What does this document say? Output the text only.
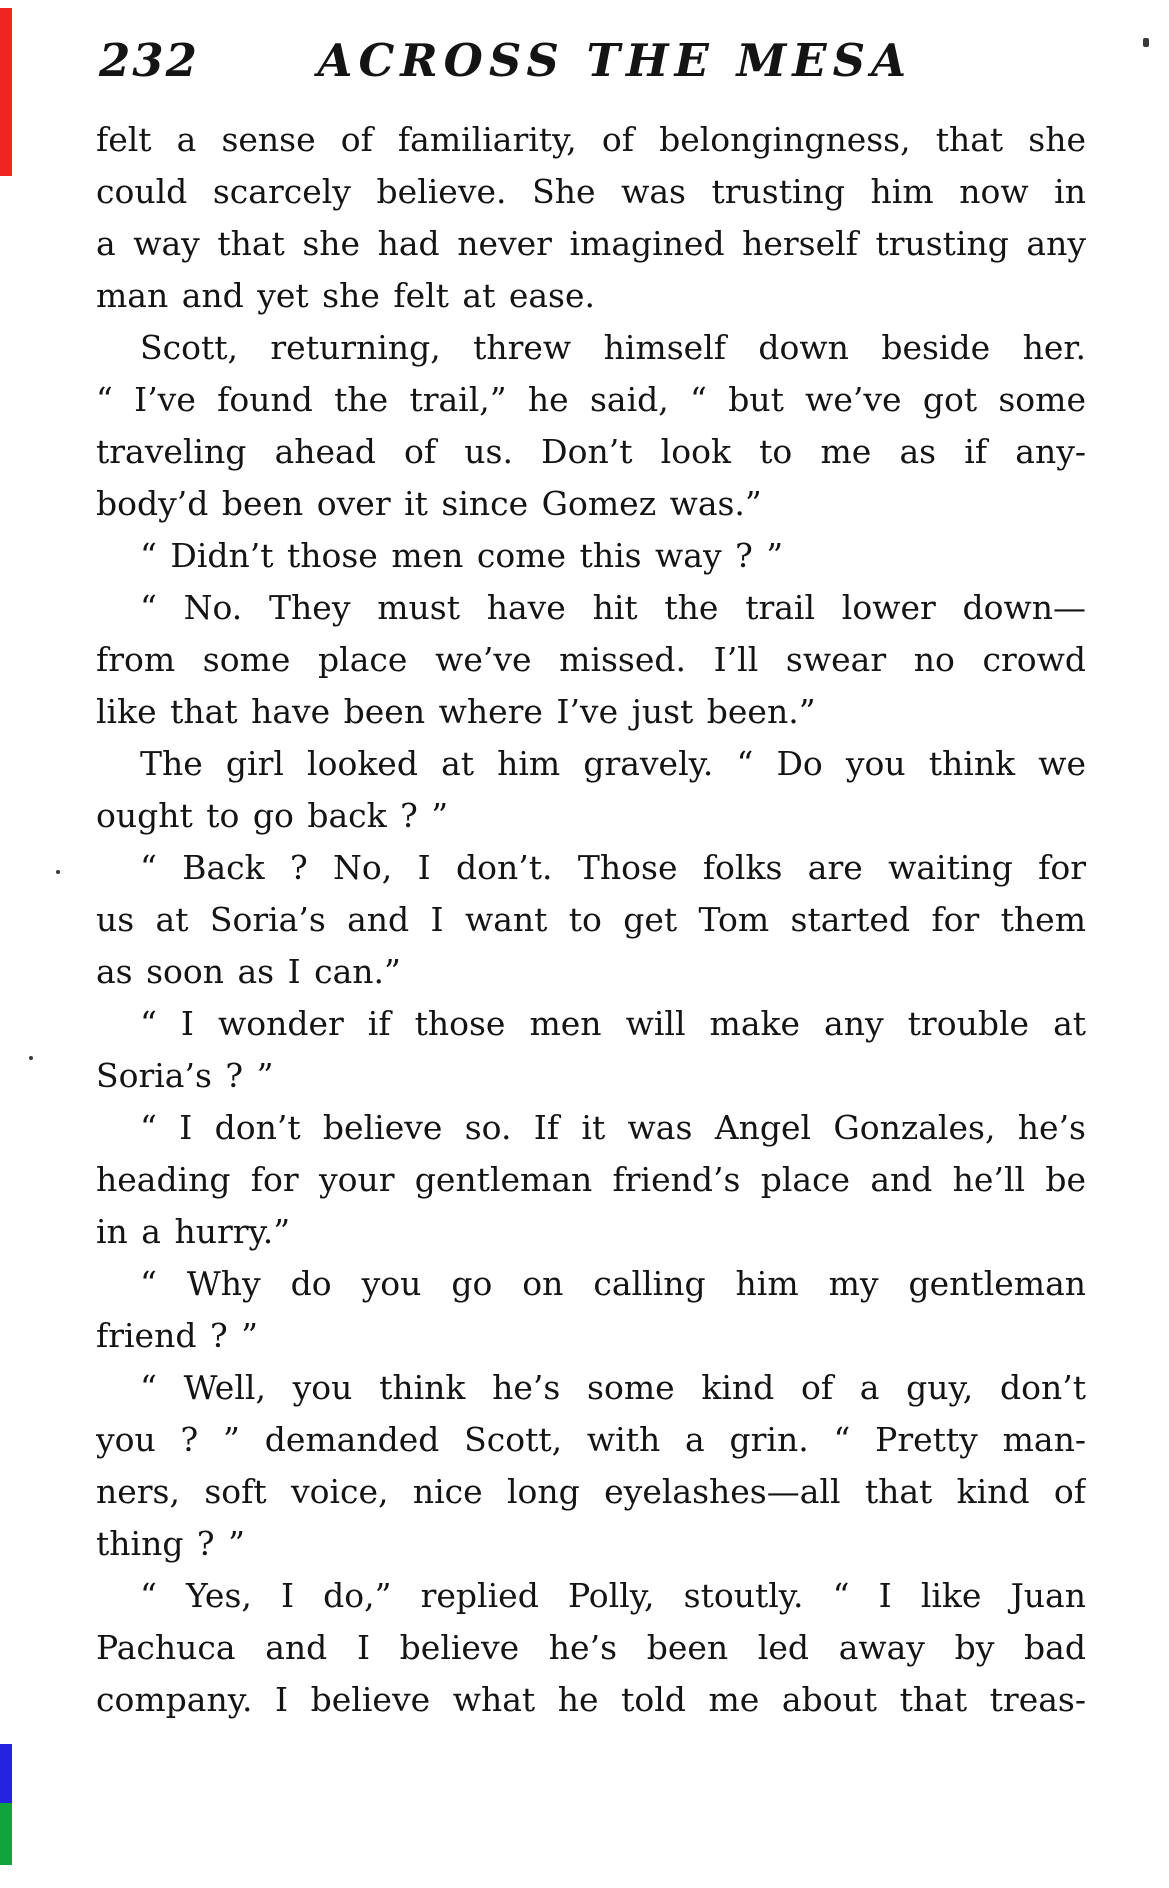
232	ACROSS THE MESA
felt a sense of familiarity, of belongingness, that she
could scarcely believe. She was trusting him now in
a way that she had never imagined herself trusting any
man and yet she felt at ease.
Scott, returning, threw himself down beside her.
“ I’ve found the trail,” he said, “ but we’ve got some
traveling ahead of us. Don’t look to me as if any-
body’d been over it since Gomez was.”
“ Didn’t those men come this way ? ”
“ No. They must have hit the trail lower down—
from some place we’ve missed. I’ll swear no crowd
like that have been where I’ve just been.”
The girl looked at him gravely. “ Do you think we
ought to go back ? ”
“ Back ? No, I don’t. Those folks are waiting for
us at Soria’s and I want to get Tom started for them
as soon as I can.”
“ I wonder if those men will make any trouble at
Soria’s ? ”
“ I don’t believe so. If it was Angel Gonzales, he’s
heading for your gentleman friend’s place and he’ll be
in a hurry.”
“ Why do you go on calling him my gentleman
friend ? ”
“ Well, you think he’s some kind of a guy, don’t
you ? ” demanded Scott, with a grin. “ Pretty man-
ners, soft voice, nice long eyelashes—all that kind of
thing ? ”
“ Yes, I do,” replied Polly, stoutly. “ I like Juan
Pachuca and I believe he’s been led away by bad
company. I believe what he told me about that treas-
